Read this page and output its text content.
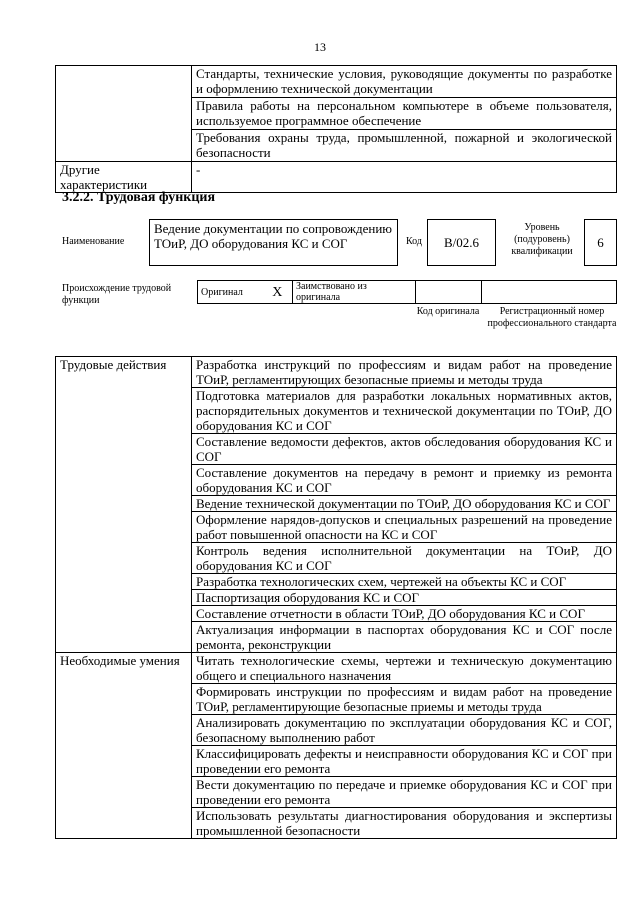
13
	Стандарты, технические условия, руководящие документы по разработке и оформлению технической документации
	Правила работы на персональном компьютере в объеме пользователя, используемое программное обеспечение
	Требования охраны труда, промышленной, пожарной и экологической безопасности
Другие характеристики	-
3.2.2. Трудовая функция
Наименование
Ведение документации по сопровождению ТОиР, ДО оборудования КС и СОГ	Код	В/02.6
Уровень (подуровень) квалификации
6
Происхождение трудовой функции
Оригинал	X	Заимствовано из оригинала		
Код оригинала	Регистрационный номер профессионального стандарта
Трудовые действия	Разработка инструкций по профессиям и видам работ на проведение ТОиР, регламентирующих безопасные приемы и методы труда
	Подготовка материалов для разработки локальных нормативных актов, распорядительных документов и технической документации по ТОиР, ДО оборудования КС и СОГ
	Составление ведомости дефектов, актов обследования оборудования КС и СОГ
	Составление документов на передачу в ремонт и приемку из ремонта оборудования КС и СОГ
	Ведение технической документации по ТОиР, ДО оборудования КС и СОГ
	Оформление нарядов-допусков и специальных разрешений на проведение работ повышенной опасности на КС и СОГ
	Контроль ведения исполнительной документации на ТОиР, ДО оборудования КС и СОГ
	Разработка технологических схем, чертежей на объекты КС и СОГ
	Паспортизация оборудования КС и СОГ
	Составление отчетности в области ТОиР, ДО оборудования КС и СОГ
	Актуализация информации в паспортах оборудования КС и СОГ после ремонта, реконструкции
Необходимые умения	Читать технологические схемы, чертежи и техническую документацию общего и специального назначения
	Формировать инструкции по профессиям и видам работ на проведение ТОиР, регламентирующие безопасные приемы и методы труда
	Анализировать документацию по эксплуатации оборудования КС и СОГ, безопасному выполнению работ
	Классифицировать дефекты и неисправности оборудования КС и СОГ при проведении его ремонта
	Вести документацию по передаче и приемке оборудования КС и СОГ при проведении его ремонта
	Использовать результаты диагностирования оборудования и экспертизы промышленной безопасности
